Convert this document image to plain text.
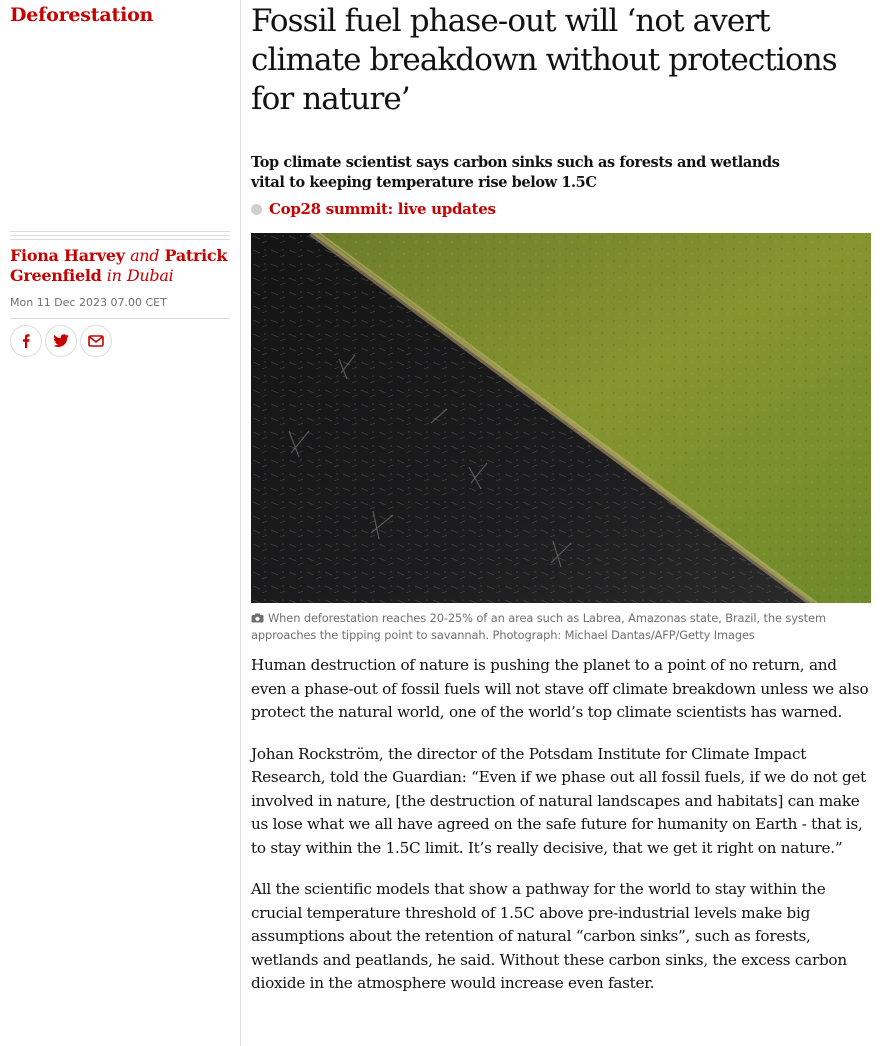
Deforestation
Fiona Harvey and Patrick Greenfield in Dubai
Mon 11 Dec 2023 07.00 CET
Fossil fuel phase-out will ‘not avert climate breakdown without protections for nature’

Top climate scientist says carbon sinks such as forests and wetlands vital to keeping temperature rise below 1.5C

Cop28 summit: live updates
When deforestation reaches 20-25% of an area such as Labrea, Amazonas state, Brazil, the system approaches the tipping point to savannah. Photograph: Michael Dantas/AFP/Getty Images

Human destruction of nature is pushing the planet to a point of no return, and even a phase-out of fossil fuels will not stave off climate breakdown unless we also protect the natural world, one of the world’s top climate scientists has warned.

Johan Rockström, the director of the Potsdam Institute for Climate Impact Research, told the Guardian: “Even if we phase out all fossil fuels, if we do not get involved in nature, [the destruction of natural landscapes and habitats] can make us lose what we all have agreed on the safe future for humanity on Earth - that is, to stay within the 1.5C limit. It’s really decisive, that we get it right on nature.”

All the scientific models that show a pathway for the world to stay within the crucial temperature threshold of 1.5C above pre-industrial levels make big assumptions about the retention of natural “carbon sinks”, such as forests, wetlands and peatlands, he said. Without these carbon sinks, the excess carbon dioxide in the atmosphere would increase even faster.
